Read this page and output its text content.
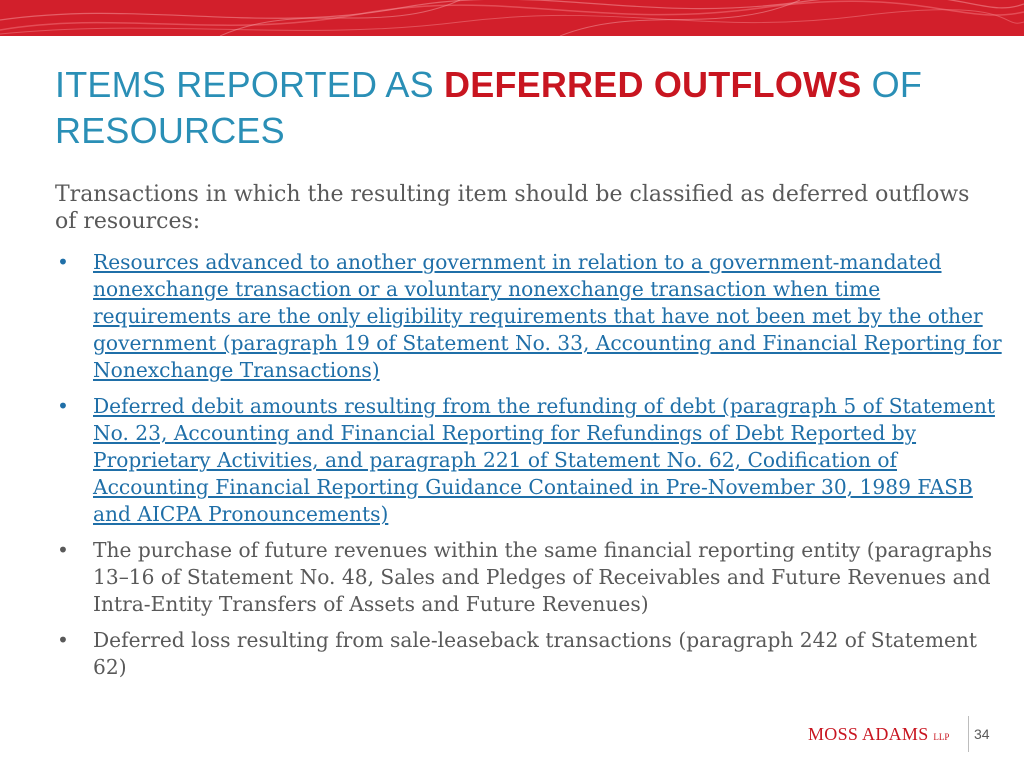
ITEMS REPORTED AS DEFERRED OUTFLOWS OF RESOURCES

Transactions in which the resulting item should be classified as deferred outflows of resources:

• Resources advanced to another government in relation to a government-mandated nonexchange transaction or a voluntary nonexchange transaction when time requirements are the only eligibility requirements that have not been met by the other government (paragraph 19 of Statement No. 33, Accounting and Financial Reporting for Nonexchange Transactions)
• Deferred debit amounts resulting from the refunding of debt (paragraph 5 of Statement No. 23, Accounting and Financial Reporting for Refundings of Debt Reported by Proprietary Activities, and paragraph 221 of Statement No. 62, Codification of Accounting Financial Reporting Guidance Contained in Pre-November 30, 1989 FASB and AICPA Pronouncements)
• The purchase of future revenues within the same financial reporting entity (paragraphs 13–16 of Statement No. 48, Sales and Pledges of Receivables and Future Revenues and Intra-Entity Transfers of Assets and Future Revenues)
• Deferred loss resulting from sale-leaseback transactions (paragraph 242 of Statement 62)
MOSS ADAMS LLP 34
